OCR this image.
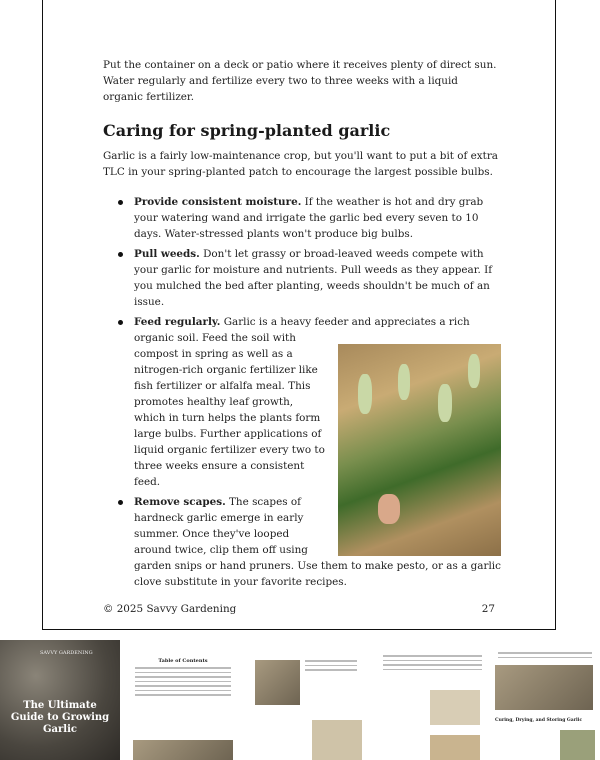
Put the container on a deck or patio where it receives plenty of direct sun. Water regularly and fertilize every two to three weeks with a liquid organic fertilizer.

Caring for spring-planted garlic

Garlic is a fairly low-maintenance crop, but you'll want to put a bit of extra TLC in your spring-planted patch to encourage the largest possible bulbs.

Provide consistent moisture. If the weather is hot and dry grab your watering wand and irrigate the garlic bed every seven to 10 days. Water-stressed plants won't produce big bulbs.
Pull weeds. Don't let grassy or broad-leaved weeds compete with your garlic for moisture and nutrients. Pull weeds as they appear. If you mulched the bed after planting, weeds shouldn't be much of an issue.
Feed regularly. Garlic is a heavy feeder and appreciates a rich organic soil. Feed the soil with compost in spring as well as a nitrogen-rich organic fertilizer like fish fertilizer or alfalfa meal. This promotes healthy leaf growth, which in turn helps the plants form large bulbs. Further applications of liquid organic fertilizer every two to three weeks ensure a consistent feed.
Remove scapes. The scapes of hardneck garlic emerge in early summer. Once they've looped around twice, clip them off using garden snips or hand pruners. Use them to make pesto, or as a garlic clove substitute in your favorite recipes.
© 2025 Savvy Gardening	27
SAVVY GARDENING
The Ultimate Guide to Growing Garlic
Table of Contents
Curing, Drying, and Storing Garlic
